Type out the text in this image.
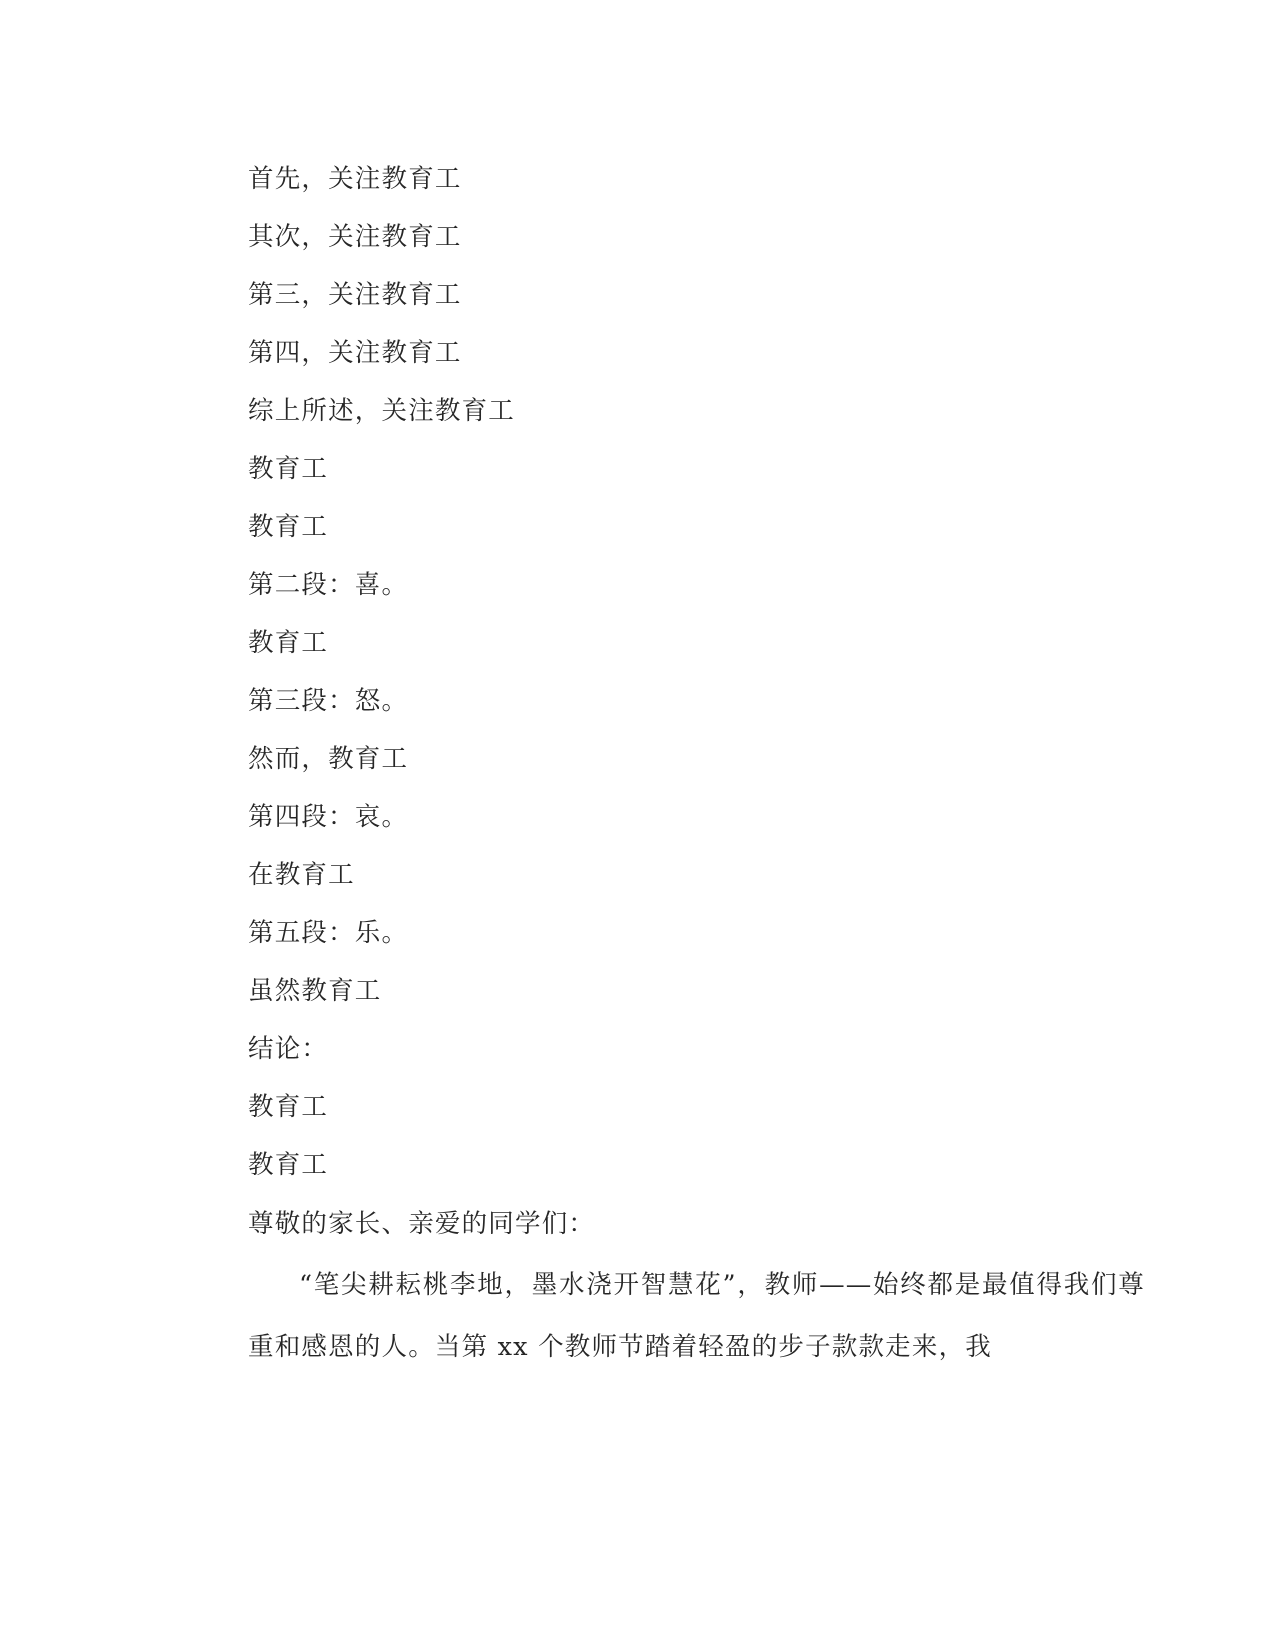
首先，关注教育工

其次，关注教育工

第三，关注教育工

第四，关注教育工

综上所述，关注教育工

教育工

教育工

第二段：喜。

教育工

第三段：怒。

然而，教育工

第四段：哀。

在教育工

第五段：乐。

虽然教育工

结论：

教育工

教育工

尊敬的家长、亲爱的同学们：

“笔尖耕耘桃李地，墨水浇开智慧花”，教师——始终都是最值得我们尊重和感恩的人。当第 xx 个教师节踏着轻盈的步子款款走来，我
